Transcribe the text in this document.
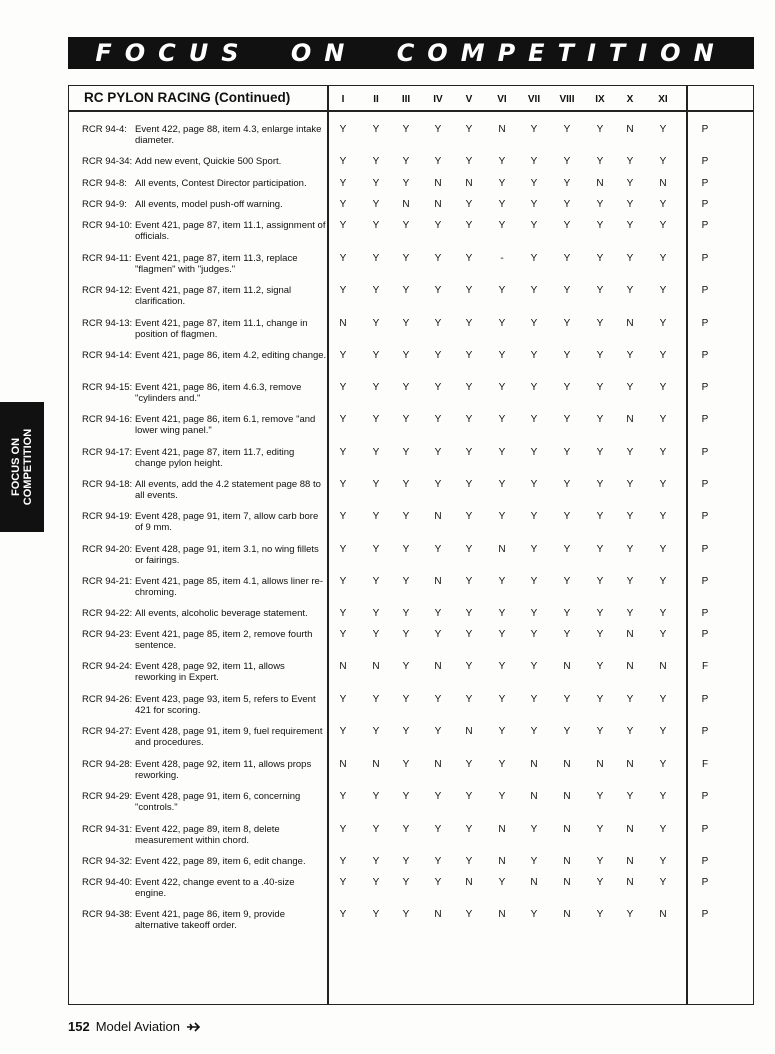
FOCUS ON COMPETITION
FOCUS ON COMPETITION
RC PYLON RACING (Continued)	I	II	III	IV	V	VI	VII	VIII	IX	X	XI
RCR 94-4: Event 422, page 88, item 4.3, enlarge intake diameter.
Y	Y	Y	Y	Y	N	Y	Y	Y	N	Y	P
RCR 94-34: Add new event, Quickie 500 Sport.	Y	Y	Y	Y	Y	Y	Y	Y	Y	Y	Y	P
RCR 94-8: All events, Contest Director participation.	Y	Y	Y	N	N	Y	Y	Y	N	Y	N	P
RCR 94-9: All events, model push-off warning.	Y	Y	N	N	Y	Y	Y	Y	Y	Y	Y	P
RCR 94-10: Event 421, page 87, item 11.1, assignment of officials.
Y	Y	Y	Y	Y	Y	Y	Y	Y	Y	Y	P
RCR 94-11: Event 421, page 87, item 11.3, replace "flagmen" with "judges."
Y	Y	Y	Y	Y	-	Y	Y	Y	Y	Y	P
RCR 94-12: Event 421, page 87, item 11.2, signal clarification.
Y	Y	Y	Y	Y	Y	Y	Y	Y	Y	Y	P
RCR 94-13: Event 421, page 87, item 11.1, change in position of flagmen.
N	Y	Y	Y	Y	Y	Y	Y	Y	N	Y	P
RCR 94-14: Event 421, page 86, item 4.2, editing change.	Y	Y	Y	Y	Y	Y	Y	Y	Y	Y	Y	P
RCR 94-15: Event 421, page 86, item 4.6.3, remove "cylinders and."
Y	Y	Y	Y	Y	Y	Y	Y	Y	Y	Y	P
RCR 94-16: Event 421, page 86, item 6.1, remove "and lower wing panel."
Y	Y	Y	Y	Y	Y	Y	Y	Y	N	Y	P
RCR 94-17: Event 421, page 87, item 11.7, editing change pylon height.
Y	Y	Y	Y	Y	Y	Y	Y	Y	Y	Y	P
RCR 94-18: All events, add the 4.2 statement page 88 to all events.
Y	Y	Y	Y	Y	Y	Y	Y	Y	Y	Y	P
RCR 94-19: Event 428, page 91, item 7, allow carb bore of 9 mm.
Y	Y	Y	N	Y	Y	Y	Y	Y	Y	Y	P
RCR 94-20: Event 428, page 91, item 3.1, no wing fillets or fairings.
Y	Y	Y	Y	Y	N	Y	Y	Y	Y	Y	P
RCR 94-21: Event 421, page 85, item 4.1, allows liner re-chroming.
Y	Y	Y	N	Y	Y	Y	Y	Y	Y	Y	P
RCR 94-22: All events, alcoholic beverage statement.	Y	Y	Y	Y	Y	Y	Y	Y	Y	Y	Y	P
RCR 94-23: Event 421, page 85, item 2, remove fourth sentence.
Y	Y	Y	Y	Y	Y	Y	Y	Y	N	Y	P
RCR 94-24: Event 428, page 92, item 11, allows reworking in Expert.
N	N	Y	N	Y	Y	Y	N	Y	N	N	F
RCR 94-26: Event 423, page 93, item 5, refers to Event 421 for scoring.
Y	Y	Y	Y	Y	Y	Y	Y	Y	Y	Y	P
RCR 94-27: Event 428, page 91, item 9, fuel requirement and procedures.
Y	Y	Y	Y	N	Y	Y	Y	Y	Y	Y	P
RCR 94-28: Event 428, page 92, item 11, allows props reworking.
N	N	Y	N	Y	Y	N	N	N	N	Y	F
RCR 94-29: Event 428, page 91, item 6, concerning "controls."
Y	Y	Y	Y	Y	Y	N	N	Y	Y	Y	P
RCR 94-31: Event 422, page 89, item 8, delete measurement within chord.
Y	Y	Y	Y	Y	N	Y	N	Y	N	Y	P
RCR 94-32: Event 422, page 89, item 6, edit change.	Y	Y	Y	Y	Y	N	Y	N	Y	N	Y	P
RCR 94-40: Event 422, change event to a .40-size engine.
Y	Y	Y	Y	N	Y	N	N	Y	N	Y	P
RCR 94-38: Event 421, page 86, item 9, provide alternative takeoff order.
Y	Y	Y	N	Y	N	Y	N	Y	Y	N	P
152 Model Aviation
